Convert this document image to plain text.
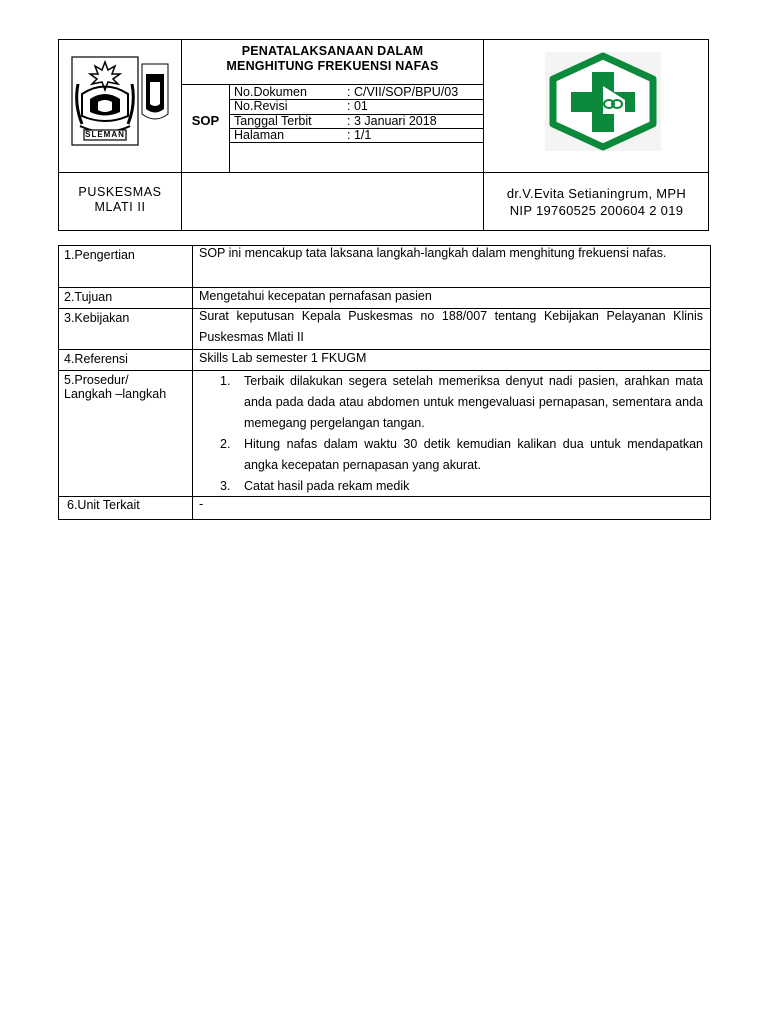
SLEMAN
PENATALAKSANAAN DALAM
MENGHITUNG FREKUENSI NAFAS
SOP
No.Dokumen	: C/VII/SOP/BPU/03
No.Revisi	: 01
Tanggal Terbit	: 3 Januari 2018
Halaman	: 1/1
PUSKESMAS
MLATI II
dr.V.Evita Setianingrum, MPH
NIP 19760525 200604 2 019
1.Pengertian	SOP ini mencakup tata laksana langkah-langkah dalam menghitung frekuensi nafas.
2.Tujuan	Mengetahui kecepatan pernafasan pasien
3.Kebijakan	Surat keputusan Kepala Puskesmas no 188/007 tentang Kebijakan Pelayanan Klinis Puskesmas Mlati II
4.Referensi	Skills Lab semester 1 FKUGM
5.Prosedur/
Langkah –langkah
1. Terbaik dilakukan segera setelah memeriksa denyut nadi pasien, arahkan mata anda pada dada atau abdomen untuk mengevaluasi pernapasan, sementara anda memegang pergelangan tangan.
2. Hitung nafas dalam waktu 30 detik kemudian kalikan dua untuk mendapatkan angka kecepatan pernapasan yang akurat.
3. Catat hasil pada rekam medik
6.Unit Terkait	-
